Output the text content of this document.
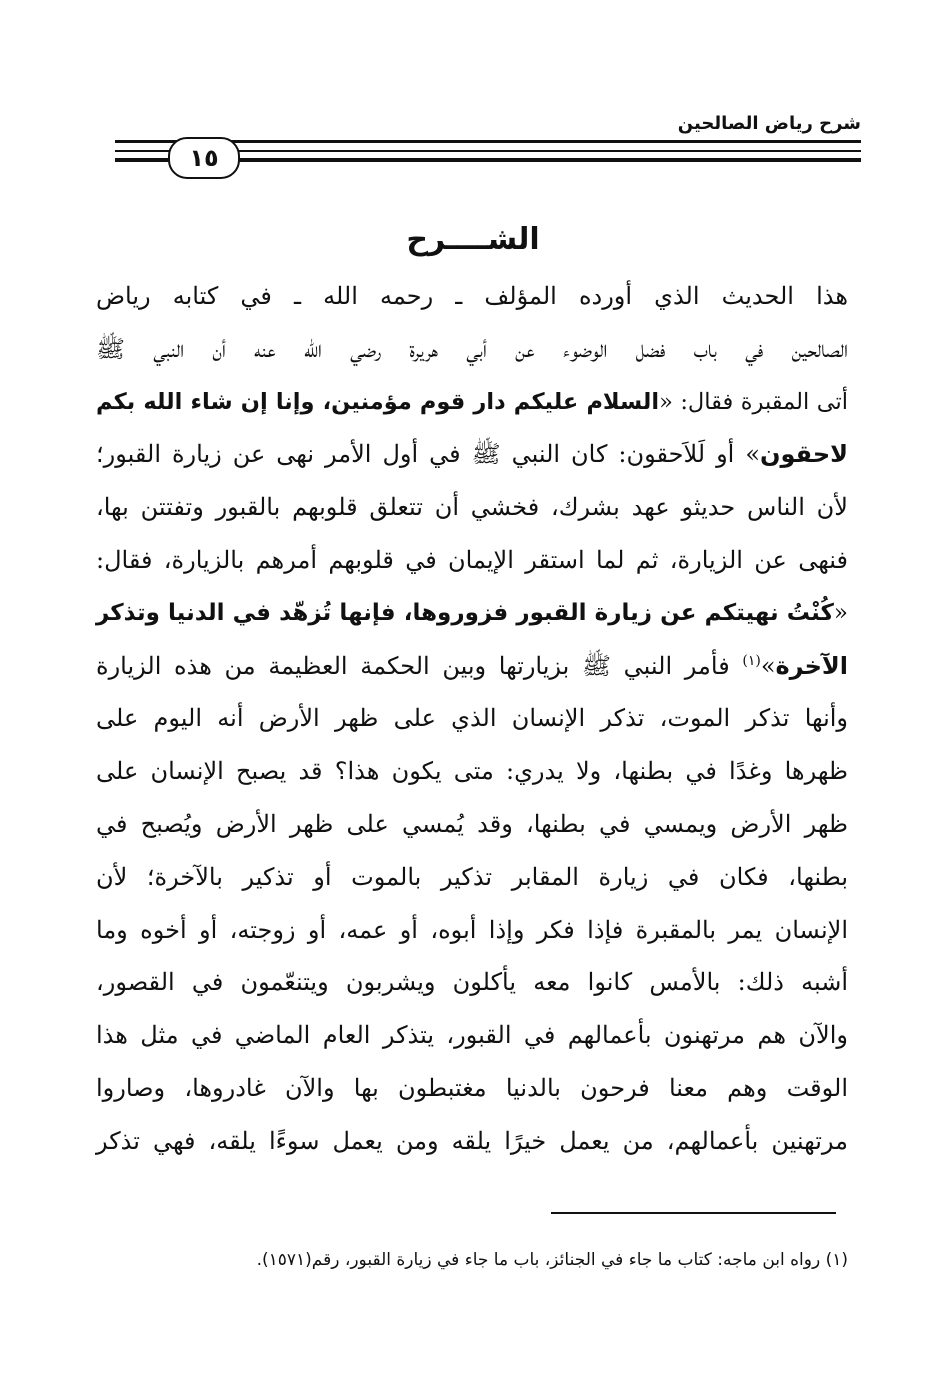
شرح رياض الصالحين
١٥
الشــــرح
هذا الحديث الذي أورده المؤلف ـ رحمه الله ـ في كتابه رياض
الصالحين في باب فضل الوضوء عن أبي هريرة رضي الله عنه أن النبي ﷺ
أتى المقبرة فقال: «السلام عليكم دار قوم مؤمنين، وإنا إن شاء الله بكم
لاحقون» أو لَلاَحقون: كان النبي ﷺ في أول الأمر نهى عن زيارة القبور؛
لأن الناس حديثو عهد بشرك، فخشي أن تتعلق قلوبهم بالقبور وتفتتن بها،
فنهى عن الزيارة، ثم لما استقر الإيمان في قلوبهم أمرهم بالزيارة، فقال:
«كُنْتُ نهيتكم عن زيارة القبور فزوروها، فإنها تُزهّد في الدنيا وتذكر
الآخرة»$^{(١)}$ فأمر النبي ﷺ بزيارتها وبين الحكمة العظيمة من هذه الزيارة
وأنها تذكر الموت، تذكر الإنسان الذي على ظهر الأرض أنه اليوم على
ظهرها وغدًا في بطنها، ولا يدري: متى يكون هذا؟ قد يصبح الإنسان على
ظهر الأرض ويمسي في بطنها، وقد يُمسي على ظهر الأرض ويُصبح في
بطنها، فكان في زيارة المقابر تذكير بالموت أو تذكير بالآخرة؛ لأن
الإنسان يمر بالمقبرة فإذا فكر وإذا أبوه، أو عمه، أو زوجته، أو أخوه وما
أشبه ذلك: بالأمس كانوا معه يأكلون ويشربون ويتنعّمون في القصور،
والآن هم مرتهنون بأعمالهم في القبور، يتذكر العام الماضي في مثل هذا
الوقت وهم معنا فرحون بالدنيا مغتبطون بها والآن غادروها، وصاروا
مرتهنين بأعمالهم، من يعمل خيرًا يلقه ومن يعمل سوءًا يلقه، فهي تذكر
(١) رواه ابن ماجه: كتاب ما جاء في الجنائز، باب ما جاء في زيارة القبور، رقم(١٥٧١).
